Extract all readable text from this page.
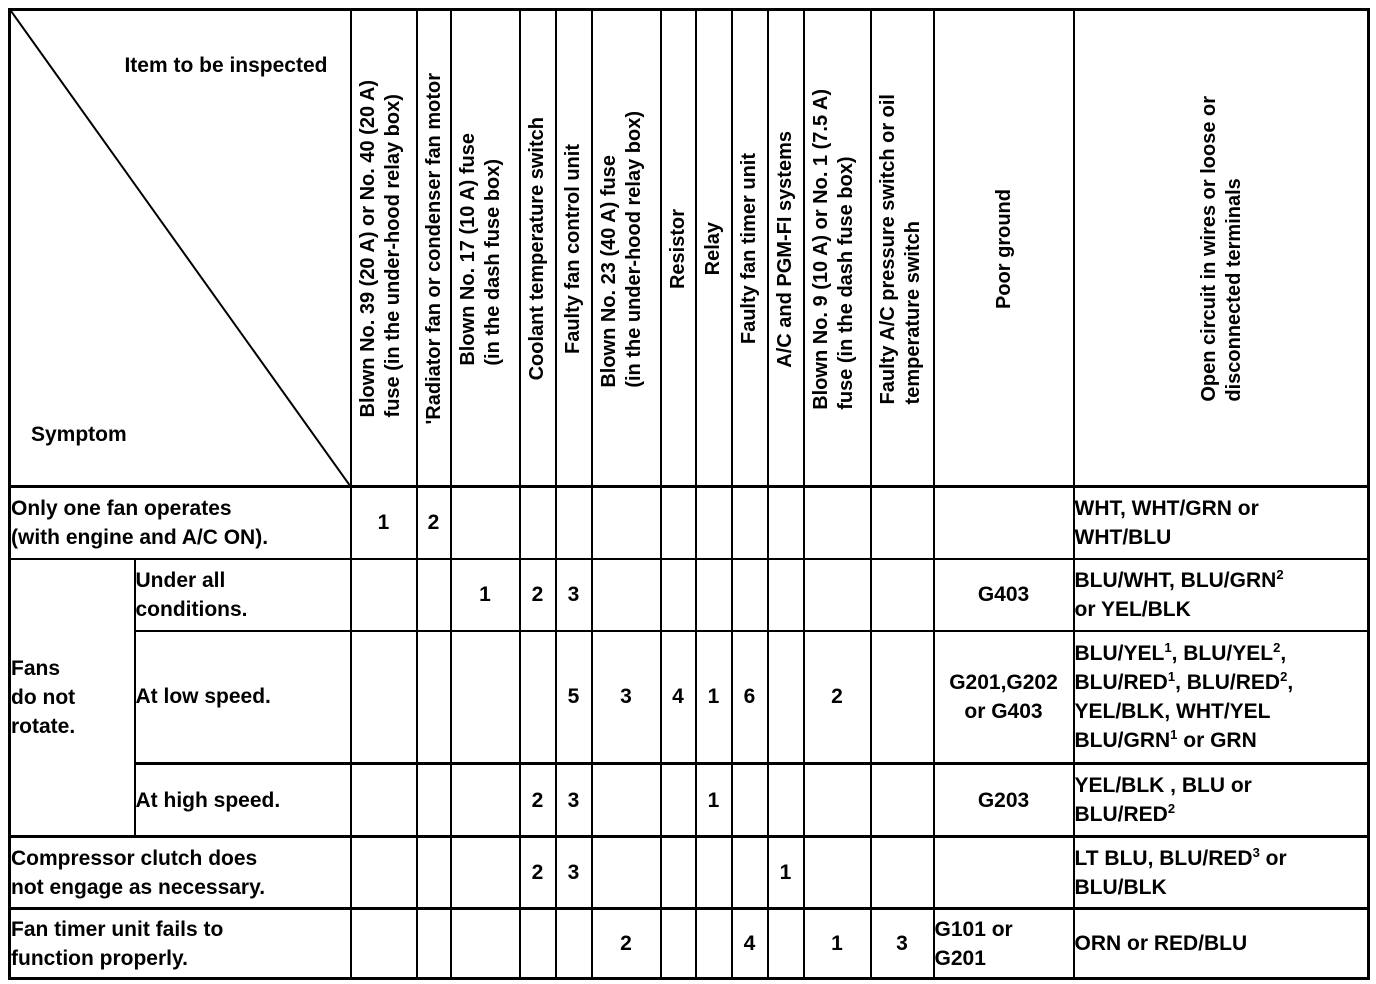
Item to be inspected
Symptom		Blown No. 39 (20 A) or No. 40 (20 A)
fuse (in the under-hood relay box)	ʹRadiator fan or condenser fan motor	Blown No. 17 (10 A) fuse
(in the dash fuse box)	Coolant temperature switch	Faulty fan control unit	Blown No. 23 (40 A) fuse
(in the under-hood relay box)	Resistor	Relay	Faulty fan timer unit	A/C and PGM-FI systems	Blown No. 9 (10 A) or No. 1 (7.5 A)
fuse (in the dash fuse box)	Faulty A/C pressure switch or oil
temperature switch	Poor ground	Open circuit in wires or loose or
disconnected terminals

Only one fan operates
(with engine and A/C ON).		1	2												WHT, WHT/GRN or
WHT/BLU

Fans
do not
rotate.	Under all
conditions.			1	2	3								G403	BLU/WHT, BLU/GRN$^2$
or YEL/BLK

	At low speed.					5	3	4	1	6		2		G201,G202
or G403	BLU/YEL$^1$, BLU/YEL$^2$,
BLU/RED$^1$, BLU/RED$^2$,
YEL/BLK, WHT/YEL
BLU/GRN$^1$ or GRN

	At high speed.				2	3			1					G203	YEL/BLK , BLU or
BLU/RED$^2$

Compressor clutch does
not engage as necessary.					2	3					1				LT BLU, BLU/RED$^3$ or
BLU/BLK

Fan timer unit fails to
function properly.							2			4		1	3	G101 or
G201	ORN or RED/BLU
